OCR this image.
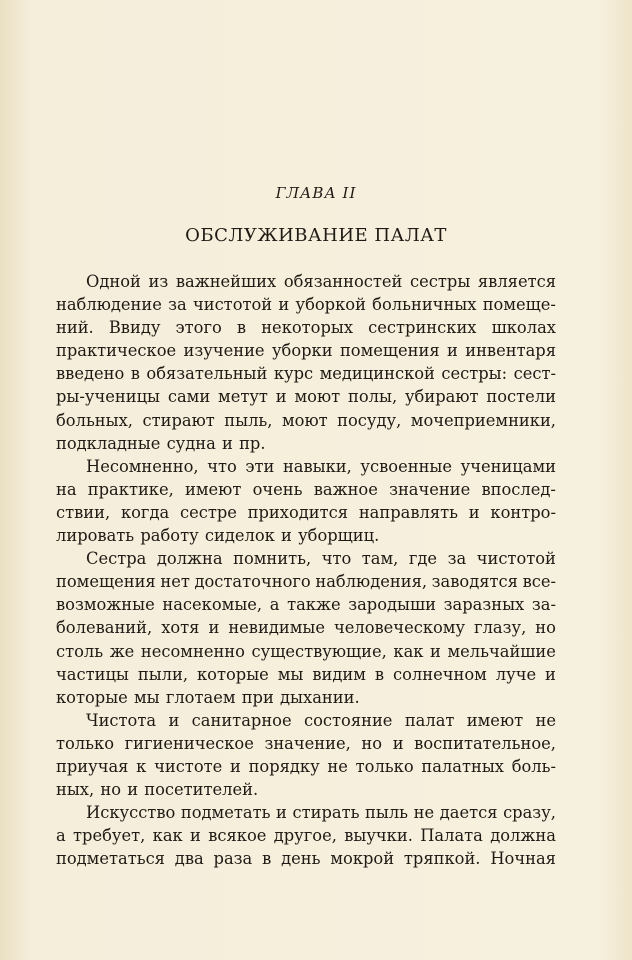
ГЛАВА II
ОБСЛУЖИВАНИЕ ПАЛАТ
Одной из важнейших обязанностей сестры является
наблюдение за чистотой и уборкой больничных помеще-
ний. Ввиду этого в некоторых сестринских школах
практическое изучение уборки помещения и инвентаря
введено в обязательный курс медицинской сестры: сест-
ры-ученицы сами метут и моют полы, убирают постели
больных, стирают пыль, моют посуду, мочеприемники,
подкладные судна и пр.
Несомненно, что эти навыки, усвоенные ученицами
на практике, имеют очень важное значение впослед-
ствии, когда сестре приходится направлять и контро-
лировать работу сиделок и уборщиц.
Сестра должна помнить, что там, где за чистотой
помещения нет достаточного наблюдения, заводятся все-
возможные насекомые, а также зародыши заразных за-
болеваний, хотя и невидимые человеческому глазу, но
столь же несомненно существующие, как и мельчайшие
частицы пыли, которые мы видим в солнечном луче и
которые мы глотаем при дыхании.
Чистота и санитарное состояние палат имеют не
только гигиеническое значение, но и воспитательное,
приучая к чистоте и порядку не только палатных боль-
ных, но и посетителей.
Искусство подметать и стирать пыль не дается сразу,
а требует, как и всякое другое, выучки. Палата должна
подметаться два раза в день мокрой тряпкой. Ночная
